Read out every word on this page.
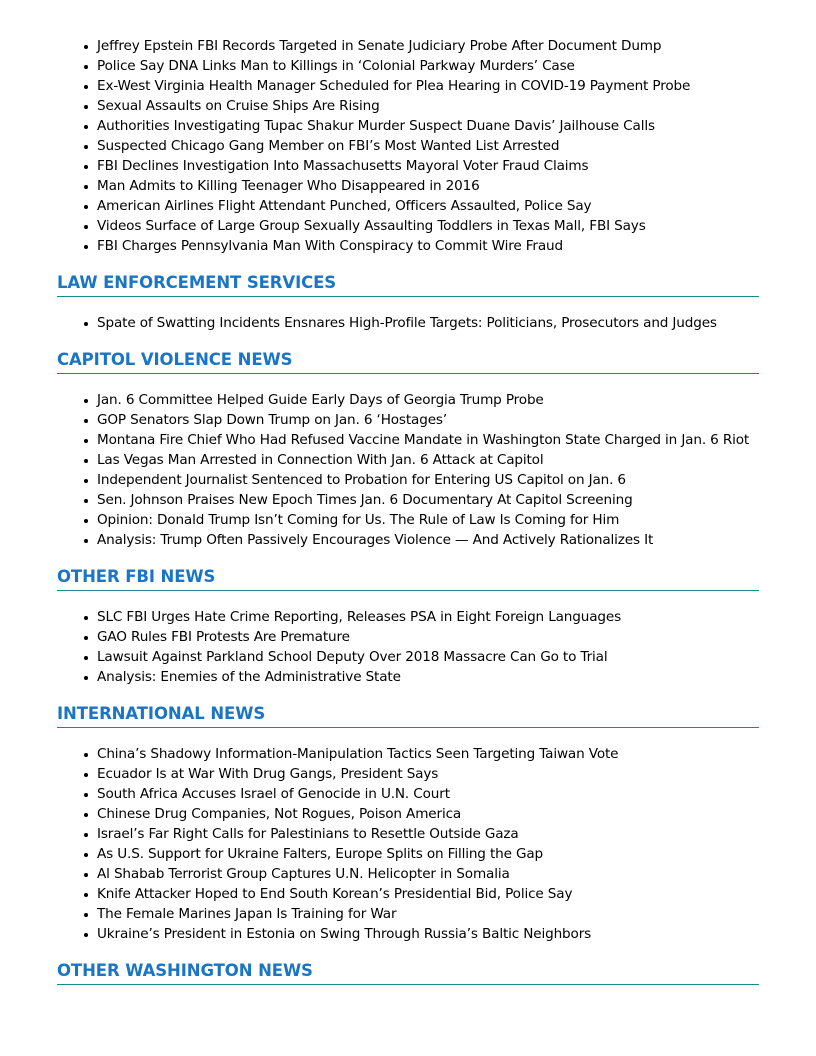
Jeffrey Epstein FBI Records Targeted in Senate Judiciary Probe After Document Dump
Police Say DNA Links Man to Killings in ‘Colonial Parkway Murders’ Case
Ex-West Virginia Health Manager Scheduled for Plea Hearing in COVID-19 Payment Probe
Sexual Assaults on Cruise Ships Are Rising
Authorities Investigating Tupac Shakur Murder Suspect Duane Davis’ Jailhouse Calls
Suspected Chicago Gang Member on FBI’s Most Wanted List Arrested
FBI Declines Investigation Into Massachusetts Mayoral Voter Fraud Claims
Man Admits to Killing Teenager Who Disappeared in 2016
American Airlines Flight Attendant Punched, Officers Assaulted, Police Say
Videos Surface of Large Group Sexually Assaulting Toddlers in Texas Mall, FBI Says
FBI Charges Pennsylvania Man With Conspiracy to Commit Wire Fraud
LAW ENFORCEMENT SERVICES
Spate of Swatting Incidents Ensnares High-Profile Targets: Politicians, Prosecutors and Judges
CAPITOL VIOLENCE NEWS
Jan. 6 Committee Helped Guide Early Days of Georgia Trump Probe
GOP Senators Slap Down Trump on Jan. 6 ‘Hostages’
Montana Fire Chief Who Had Refused Vaccine Mandate in Washington State Charged in Jan. 6 Riot
Las Vegas Man Arrested in Connection With Jan. 6 Attack at Capitol
Independent Journalist Sentenced to Probation for Entering US Capitol on Jan. 6
Sen. Johnson Praises New Epoch Times Jan. 6 Documentary At Capitol Screening
Opinion: Donald Trump Isn’t Coming for Us. The Rule of Law Is Coming for Him
Analysis: Trump Often Passively Encourages Violence — And Actively Rationalizes It
OTHER FBI NEWS
SLC FBI Urges Hate Crime Reporting, Releases PSA in Eight Foreign Languages
GAO Rules FBI Protests Are Premature
Lawsuit Against Parkland School Deputy Over 2018 Massacre Can Go to Trial
Analysis: Enemies of the Administrative State
INTERNATIONAL NEWS
China’s Shadowy Information-Manipulation Tactics Seen Targeting Taiwan Vote
Ecuador Is at War With Drug Gangs, President Says
South Africa Accuses Israel of Genocide in U.N. Court
Chinese Drug Companies, Not Rogues, Poison America
Israel’s Far Right Calls for Palestinians to Resettle Outside Gaza
As U.S. Support for Ukraine Falters, Europe Splits on Filling the Gap
Al Shabab Terrorist Group Captures U.N. Helicopter in Somalia
Knife Attacker Hoped to End South Korean’s Presidential Bid, Police Say
The Female Marines Japan Is Training for War
Ukraine’s President in Estonia on Swing Through Russia’s Baltic Neighbors
OTHER WASHINGTON NEWS
